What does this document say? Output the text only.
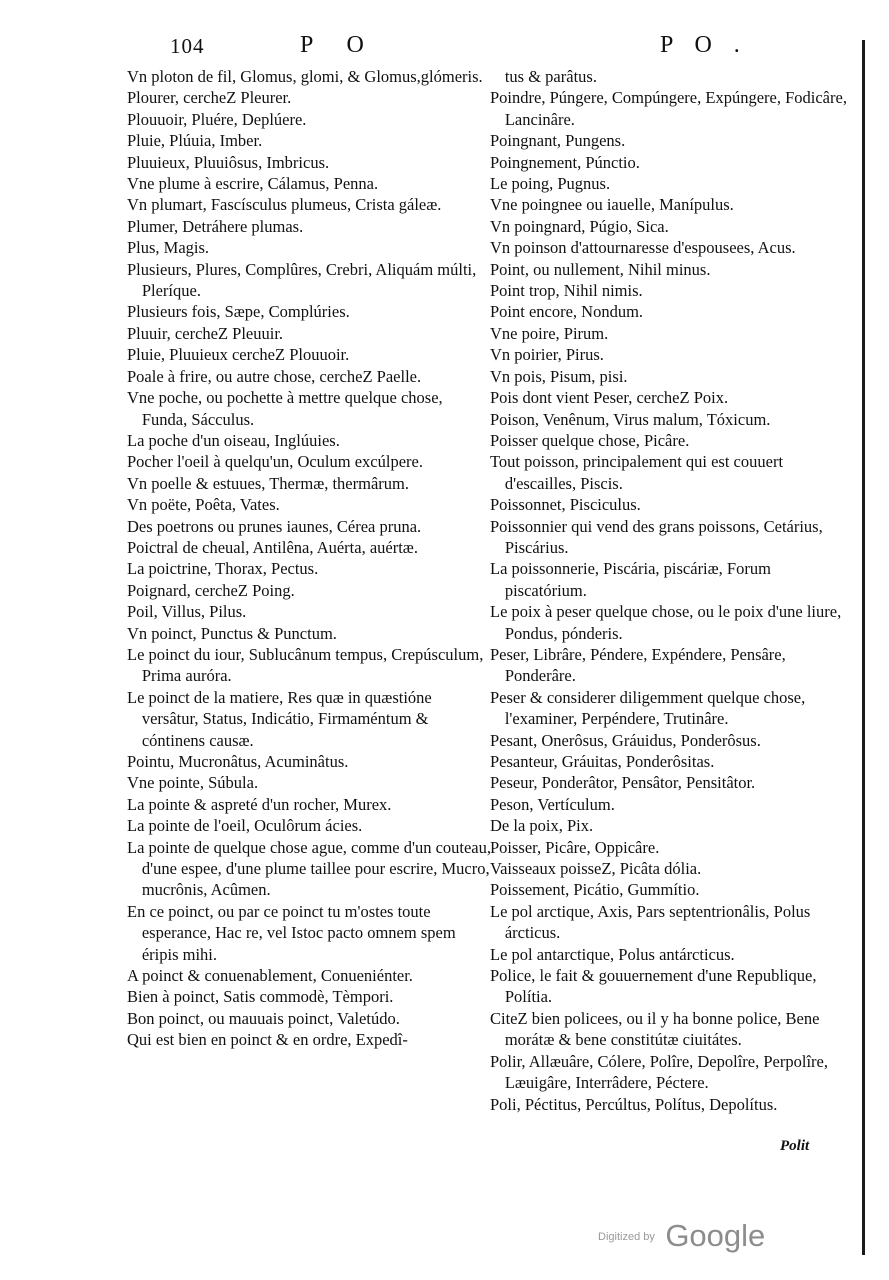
104	P O	P O .

Vn ploton de fil, Glomus, glomi, & Glomus,glómeris.

Plourer, cercheZ Pleurer.

Plouuoir, Pluére, Deplúere.

Pluie, Plúuia, Imber.

Pluuieux, Pluuiôsus, Imbricus.

Vne plume à escrire, Cálamus, Penna.

Vn plumart, Fascísculus plumeus, Crista gáleæ.

Plumer, Detráhere plumas.

Plus, Magis.

Plusieurs, Plures, Complûres, Crebri, Aliquám múlti, Pleríque.

Plusieurs fois, Sæpe, Complúries.

Pluuir, cercheZ Pleuuir.

Pluie, Pluuieux cercheZ Plouuoir.

Poale à frire, ou autre chose, cercheZ Paelle.

Vne poche, ou pochette à mettre quelque chose, Funda, Sácculus.

La poche d'un oiseau, Inglúuies.

Pocher l'oeil à quelqu'un, Oculum excúlpere.

Vn poelle & estuues, Thermæ, thermârum.

Vn poëte, Poêta, Vates.

Des poetrons ou prunes iaunes, Cérea pruna.

Poictral de cheual, Antilêna, Auérta, auértæ.

La poictrine, Thorax, Pectus.

Poignard, cercheZ Poing.

Poil, Villus, Pilus.

Vn poinct, Punctus & Punctum.

Le poinct du iour, Sublucânum tempus, Crepúsculum, Prima auróra.

Le poinct de la matiere, Res quæ in quæstióne versâtur, Status, Indicátio, Firmaméntum & cóntinens causæ.

Pointu, Mucronâtus, Acuminâtus.

Vne pointe, Súbula.

La pointe & aspreté d'un rocher, Murex.

La pointe de l'oeil, Oculôrum ácies.

La pointe de quelque chose ague, comme d'un couteau, d'une espee, d'une plume taillee pour escrire, Mucro, mucrônis, Acûmen.

En ce poinct, ou par ce poinct tu m'ostes toute esperance, Hac re, vel Istoc pacto omnem spem éripis mihi.

A poinct & conuenablement, Conueniénter.

Bien à poinct, Satis commodè, Tèmpori.

Bon poinct, ou mauuais poinct, Valetúdo.

Qui est bien en poinct & en ordre, Expedî-

tus & parâtus.

Poindre, Púngere, Compúngere, Expúngere, Fodicâre, Lancinâre.

Poingnant, Pungens.

Poingnement, Púnctio.

Le poing, Pugnus.

Vne poingnee ou iauelle, Manípulus.

Vn poingnard, Púgio, Sica.

Vn poinson d'attournaresse d'espousees, Acus.

Point, ou nullement, Nihil minus.

Point trop, Nihil nimis.

Point encore, Nondum.

Vne poire, Pirum.

Vn poirier, Pirus.

Vn pois, Pisum, pisi.

Pois dont vient Peser, cercheZ Poix.

Poison, Venênum, Virus malum, Tóxicum.

Poisser quelque chose, Picâre.

Tout poisson, principalement qui est couuert d'escailles, Piscis.

Poissonnet, Pisciculus.

Poissonnier qui vend des grans poissons, Cetárius, Piscárius.

La poissonnerie, Piscária, piscáriæ, Forum piscatórium.

Le poix à peser quelque chose, ou le poix d'une liure, Pondus, pónderis.

Peser, Librâre, Péndere, Expéndere, Pensâre, Ponderâre.

Peser & considerer diligemment quelque chose, l'examiner, Perpéndere, Trutinâre.

Pesant, Onerôsus, Gráuidus, Ponderôsus.

Pesanteur, Gráuitas, Ponderôsitas.

Peseur, Ponderâtor, Pensâtor, Pensitâtor.

Peson, Vertículum.

De la poix, Pix.

Poisser, Picâre, Oppicâre.

Vaisseaux poisseZ, Picâta dólia.

Poissement, Picátio, Gummítio.

Le pol arctique, Axis, Pars septentrionâlis, Polus árcticus.

Le pol antarctique, Polus antárcticus.

Police, le fait & gouuernement d'une Republique, Polítia.

CiteZ bien policees, ou il y ha bonne police, Bene morátæ & bene constitútæ ciuitátes.

Polir, Allæuâre, Cólere, Polîre, Depolîre, Perpolîre, Læuigâre, Interrâdere, Péctere.

Poli, Péctitus, Percúltus, Polítus, Depolítus.

Polit
$^{Digitized by}$ Google
